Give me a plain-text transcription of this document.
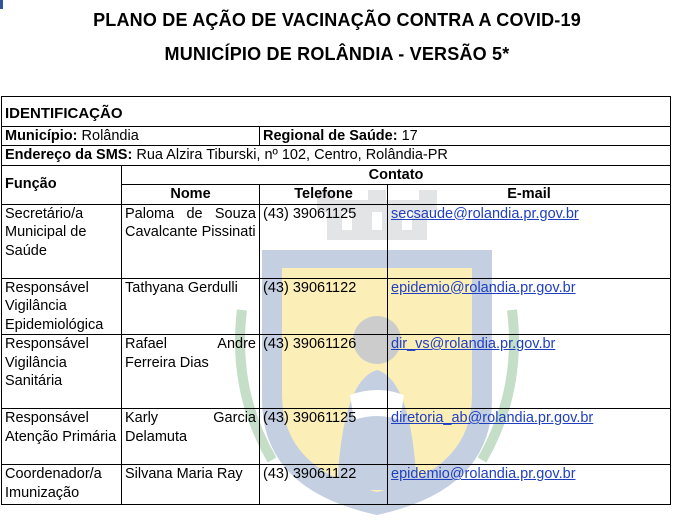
PLANO DE AÇÃO DE VACINAÇÃO CONTRA A COVID-19
MUNICÍPIO DE ROLÂNDIA - VERSÃO 5*
IDENTIFICAÇÃO			
Município: Rolândia		Regional de Saúde: 17	
Endereço da SMS: Rua Alzira Tiburski, nº 102, Centro, Rolândia-PR			
Função	Contato		
	Nome	Telefone	E-mail
Secretário/a Municipal de Saúde	Paloma de Souza Cavalcante Pissinati	(43) 39061125	secsaude@rolandia.pr.gov.br
Responsável Vigilância Epidemiológica	Tathyana Gerdulli	(43) 39061122	epidemio@rolandia.pr.gov.br
Responsável Vigilância Sanitária	Rafael Andre Ferreira Dias	(43) 39061126	dir_vs@rolandia.pr.gov.br
Responsável Atenção Primária	Karly Garcia Delamuta	(43) 39061125	diretoria_ab@rolandia.pr.gov.br
Coordenador/a Imunização	Silvana Maria Ray	(43) 39061122	epidemio@rolandia.pr.gov.br
